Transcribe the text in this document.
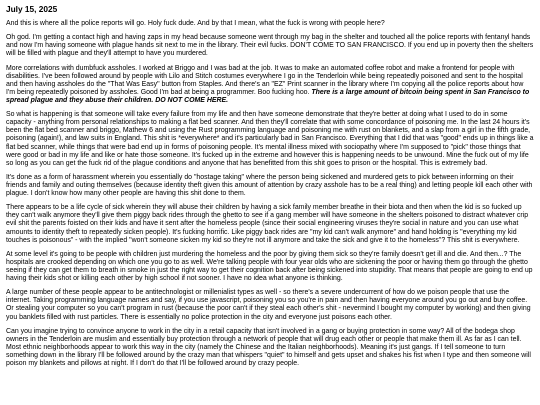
July 15, 2025

And this is where all the police reports will go. Holy fuck dude. And by that I mean, what the fuck is wrong with people here?

Oh god. I'm getting a contact high and having zaps in my head because someone went through my bag in the shelter and touched all the police reports with fentanyl hands and now I'm having someone with plague hands sit next to me in the library. Their evil fucks. DON'T COME TO SAN FRANCISCO. If you end up in poverty then the shelters will be filled with plague and they'll attempt to have you murdered.

More correlations with dumbfuck assholes. I worked at Briggo and I was bad at the job. It was to make an automated coffee robot and make a frontend for people with disabilities. I've been followed around by people with Lilo and Stitch costumes everywhere I go in the Tenderloin while being repeatedly poisoned and sent to the hospital and then having assholes do the "That Was Easy" button from Staples. And there's an "EZ" Print scanner in the library where I'm copying all the police reports about how I'm being repeatedly poisoned by assholes. Good I'm bad at being a programmer. Boo fucking hoo. There is a large amount of bitcoin being spent in San Francisco to spread plague and they abuse their children. DO NOT COME HERE.

So what is happening is that someone will take every failure from my life and then have someone demonstrate that they're better at doing what I used to do in some capacity - anything from personal relationships to making a flat bed scanner. And then they'll correlate that with some concordance of poisoning me. In the last 24 hours it's been the flat bed scanner and briggo, Mathew 6 and using the Rust programming language and poisoning me with rust on blankets, and a slap from a girl in the fifth grade, poisoning (again!), and law suits in England. This shit is *everywhere* and it's particularly bad in San Francisco. Everything that I did that was "good" ends up in things like a flat bed scanner, while things that were bad end up in forms of poisoning people. It's mental illness mixed with sociopathy where I'm supposed to "pick" those things that were good or bad in my life and like or hate those someone. It's fucked up in the extreme and however this is happening needs to be unwound. Mine the fuck out of my life so long as you can get the fuck rid of the plague conditions and anyone that has benefitted from this shit goes to prison or the hospital. This is extremely bad.

It's done as a form of harassment wherein you essentially do "hostage taking" where the person being sickened and murdered gets to pick between informing on their friends and family and outing themselves (because identity theft given this amount of attention by crazy asshole has to be a real thing) and letting people kill each other with plague. I don't know how many other people are having this shit done to them.

There appears to be a life cycle of sick wherein they will abuse their children by having a sick family member breathe in their biota and then when the kid is so fucked up they can't walk anymore they'll give them piggy back rides through the ghetto to see if a gang member will have someone in the shelters poisoned to distract whatever crip evil shit the parents foisted on their kids and have it sent after the homeless people (since their social engineering viruses they're social in nature and you can use what amounts to identity theft to repeatedly sicken people). It's fucking horrific. Like piggy back rides are "my kid can't walk anymore" and hand holding is "everything my kid touches is poisonous" - with the implied "won't someone sicken my kid so they're not ill anymore and take the sick and give it to the homeless"? This shit is everywhere.

At some level it's going to be people with children just murdering the homeless and the poor by giving them sick so they're family doesn't get ill and die. And then...? The hospitals are crooked depending on which one you go to as well. We're talking people with four year olds who are sickening the poor or having them go through the ghetto seeing if they can get them to breath in smoke in just the right way to get their cognition back after being sickened into stupidity. That means that people are going to end up having their kids shot or killing each other by high school if not sooner. I have no idea what anyone is thinking.

A large number of these people appear to be antitechnologist or millenialist types as well - so there's a severe undercurrent of how do we poison people that use the internet. Taking programming language names and say, if you use javascript, poisoning you so you're in pain and then having everyone around you go out and buy coffee. Or stealing your computer so you can't program in rust (because the poor can't if they steal each other's shit - nevermind I bought my computer by working) and then giving you banklets filled with rust particles. There is essentially no police protection in the city and everyone just poisons each other.

Can you imagine trying to convince anyone to work in the city in a retail capacity that isn't involved in a gang or buying protection in some way? All of the bodega shop owners in the Tenderloin are muslim and essentially buy protection through a network of people that will drug each other or people that make them ill. As far as I can tell. Most ethnic neighborhoods appear to work this way in the city (namely the Chinese and the Italian neighborhoods). Meaning it's just gangs. If I tell someone to turn something down in the library I'll be followed around by the crazy man that whispers "quiet" to himself and gets upset and shakes his fist when I type and then someone will poison my blankets and pillows at night. If I don't do that I'll be followed around by crazy people.
